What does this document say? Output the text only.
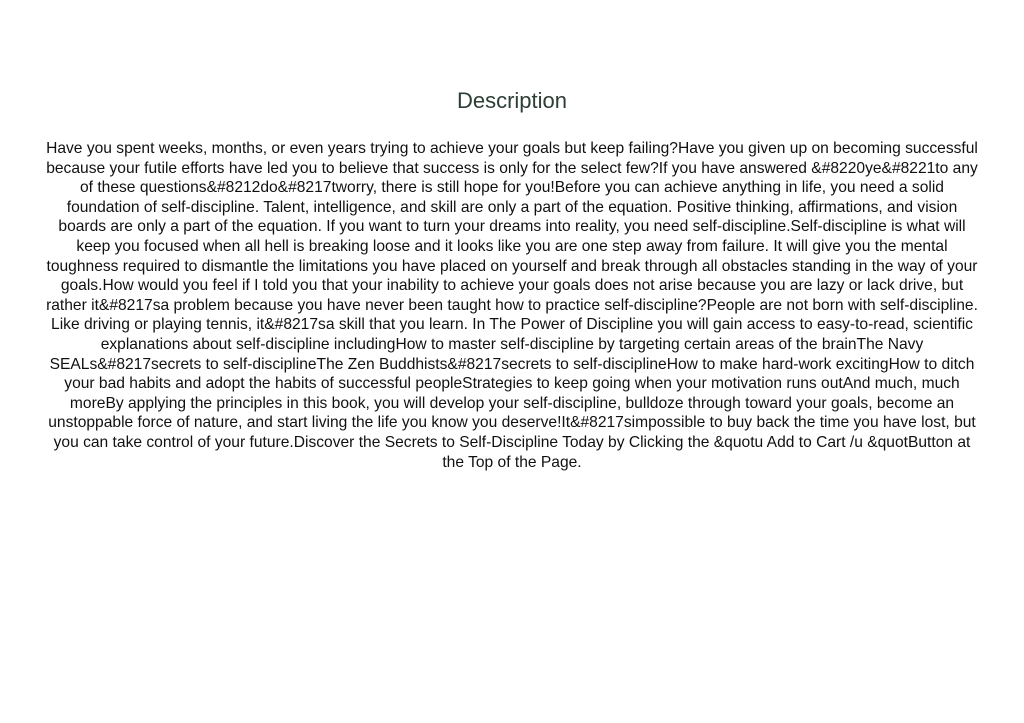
Description

Have you spent weeks, months, or even years trying to achieve your goals but keep failing?Have you given up on becoming successful because your futile efforts have led you to believe that success is only for the select few?If you have answered &#8220ye&#8221to any of these questions&#8212do&#8217tworry, there is still hope for you!Before you can achieve anything in life, you need a solid foundation of self-discipline. Talent, intelligence, and skill are only a part of the equation. Positive thinking, affirmations, and vision boards are only a part of the equation. If you want to turn your dreams into reality, you need self-discipline.Self-discipline is what will keep you focused when all hell is breaking loose and it looks like you are one step away from failure. It will give you the mental toughness required to dismantle the limitations you have placed on yourself and break through all obstacles standing in the way of your goals.How would you feel if I told you that your inability to achieve your goals does not arise because you are lazy or lack drive, but rather it&#8217sa problem because you have never been taught how to practice self-discipline?People are not born with self-discipline. Like driving or playing tennis, it&#8217sa skill that you learn. In The Power of Discipline you will gain access to easy-to-read, scientific explanations about self-discipline includingHow to master self-discipline by targeting certain areas of the brainThe Navy SEALs&#8217secrets to self-disciplineThe Zen Buddhists&#8217secrets to self-disciplineHow to make hard-work excitingHow to ditch your bad habits and adopt the habits of successful peopleStrategies to keep going when your motivation runs outAnd much, much moreBy applying the principles in this book, you will develop your self-discipline, bulldoze through toward your goals, become an unstoppable force of nature, and start living the life you know you deserve!It&#8217simpossible to buy back the time you have lost, but you can take control of your future.Discover the Secrets to Self-Discipline Today by Clicking the &quotu Add to Cart /u &quotButton at the Top of the Page.
